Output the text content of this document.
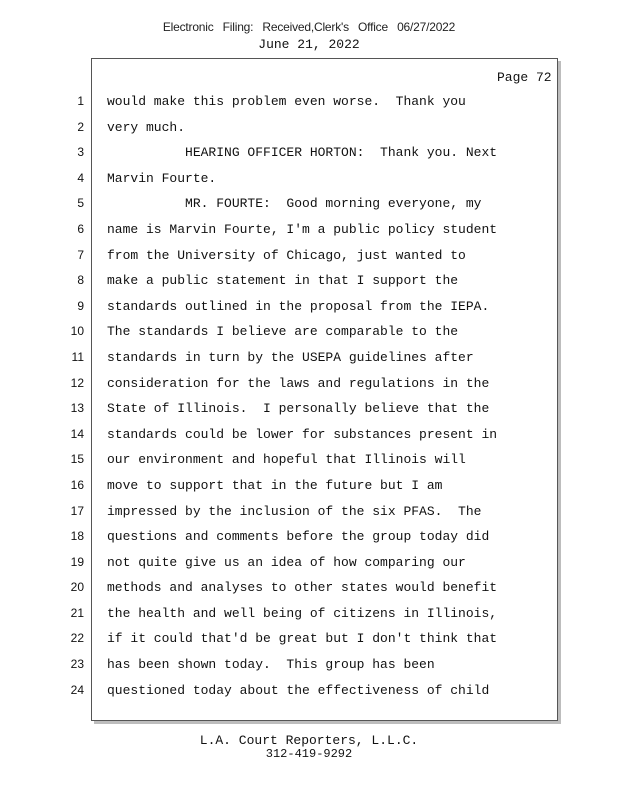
Electronic Filing: Received,Clerk's Office 06/27/2022
June 21, 2022
Page 72
1 would make this problem even worse.  Thank you
2 very much.
3 HEARING OFFICER HORTON:  Thank you. Next
4 Marvin Fourte.
5 MR. FOURTE:  Good morning everyone, my
6 name is Marvin Fourte, I'm a public policy student
7 from the University of Chicago, just wanted to
8 make a public statement in that I support the
9 standards outlined in the proposal from the IEPA.
10 The standards I believe are comparable to the
11 standards in turn by the USEPA guidelines after
12 consideration for the laws and regulations in the
13 State of Illinois.  I personally believe that the
14 standards could be lower for substances present in
15 our environment and hopeful that Illinois will
16 move to support that in the future but I am
17 impressed by the inclusion of the six PFAS.  The
18 questions and comments before the group today did
19 not quite give us an idea of how comparing our
20 methods and analyses to other states would benefit
21 the health and well being of citizens in Illinois,
22 if it could that'd be great but I don't think that
23 has been shown today.  This group has been
24 questioned today about the effectiveness of child
L.A. Court Reporters, L.L.C.
312-419-9292
